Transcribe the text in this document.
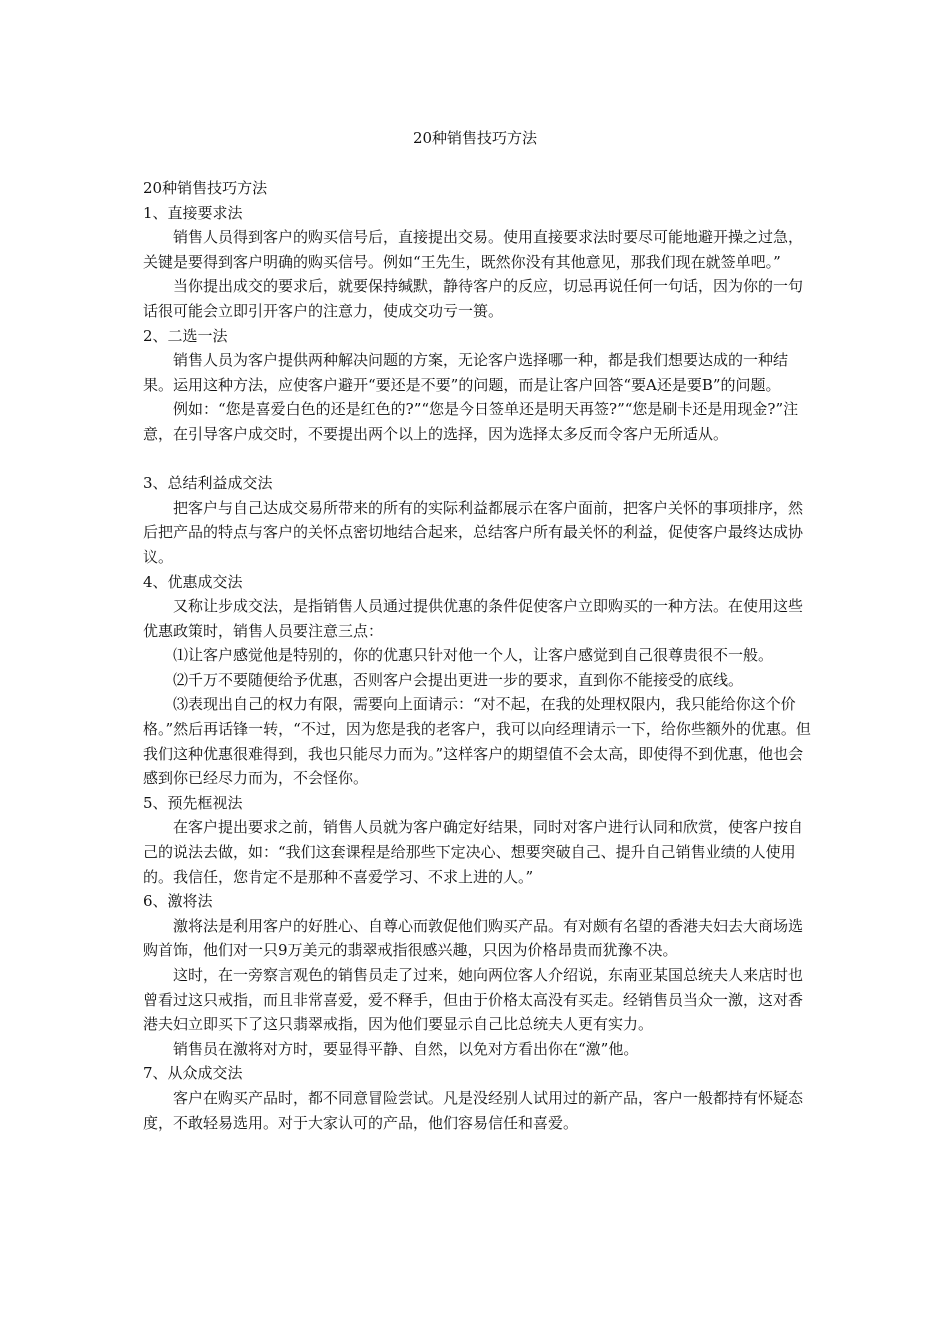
20种销售技巧方法

20种销售技巧方法

1、直接要求法

销售人员得到客户的购买信号后，直接提出交易。使用直接要求法时要尽可能地避开操之过急，关键是要得到客户明确的购买信号。例如“王先生，既然你没有其他意见，那我们现在就签单吧。”

当你提出成交的要求后，就要保持缄默，静待客户的反应，切忌再说任何一句话，因为你的一句话很可能会立即引开客户的注意力，使成交功亏一篑。

2、二选一法

销售人员为客户提供两种解决问题的方案，无论客户选择哪一种，都是我们想要达成的一种结果。运用这种方法，应使客户避开“要还是不要”的问题，而是让客户回答“要A还是要B”的问题。

例如：“您是喜爱白色的还是红色的?”“您是今日签单还是明天再签?”“您是刷卡还是用现金?”注意，在引导客户成交时，不要提出两个以上的选择，因为选择太多反而令客户无所适从。

3、总结利益成交法

把客户与自己达成交易所带来的所有的实际利益都展示在客户面前，把客户关怀的事项排序，然后把产品的特点与客户的关怀点密切地结合起来，总结客户所有最关怀的利益，促使客户最终达成协议。

4、优惠成交法

又称让步成交法，是指销售人员通过提供优惠的条件促使客户立即购买的一种方法。在使用这些优惠政策时，销售人员要注意三点：

⑴让客户感觉他是特别的，你的优惠只针对他一个人，让客户感觉到自己很尊贵很不一般。

⑵千万不要随便给予优惠，否则客户会提出更进一步的要求，直到你不能接受的底线。

⑶表现出自己的权力有限，需要向上面请示：“对不起，在我的处理权限内，我只能给你这个价格。”然后再话锋一转，“不过，因为您是我的老客户，我可以向经理请示一下，给你些额外的优惠。但我们这种优惠很难得到，我也只能尽力而为。”这样客户的期望值不会太高，即使得不到优惠，他也会感到你已经尽力而为，不会怪你。

5、预先框视法

在客户提出要求之前，销售人员就为客户确定好结果，同时对客户进行认同和欣赏，使客户按自己的说法去做，如：“我们这套课程是给那些下定决心、想要突破自己、提升自己销售业绩的人使用的。我信任，您肯定不是那种不喜爱学习、不求上进的人。”

6、激将法

激将法是利用客户的好胜心、自尊心而敦促他们购买产品。有对颇有名望的香港夫妇去大商场选购首饰，他们对一只9万美元的翡翠戒指很感兴趣，只因为价格昂贵而犹豫不决。

这时，在一旁察言观色的销售员走了过来，她向两位客人介绍说，东南亚某国总统夫人来店时也曾看过这只戒指，而且非常喜爱，爱不释手，但由于价格太高没有买走。经销售员当众一激，这对香港夫妇立即买下了这只翡翠戒指，因为他们要显示自己比总统夫人更有实力。

销售员在激将对方时，要显得平静、自然，以免对方看出你在“激”他。

7、从众成交法

客户在购买产品时，都不同意冒险尝试。凡是没经别人试用过的新产品，客户一般都持有怀疑态度，不敢轻易选用。对于大家认可的产品，他们容易信任和喜爱。
